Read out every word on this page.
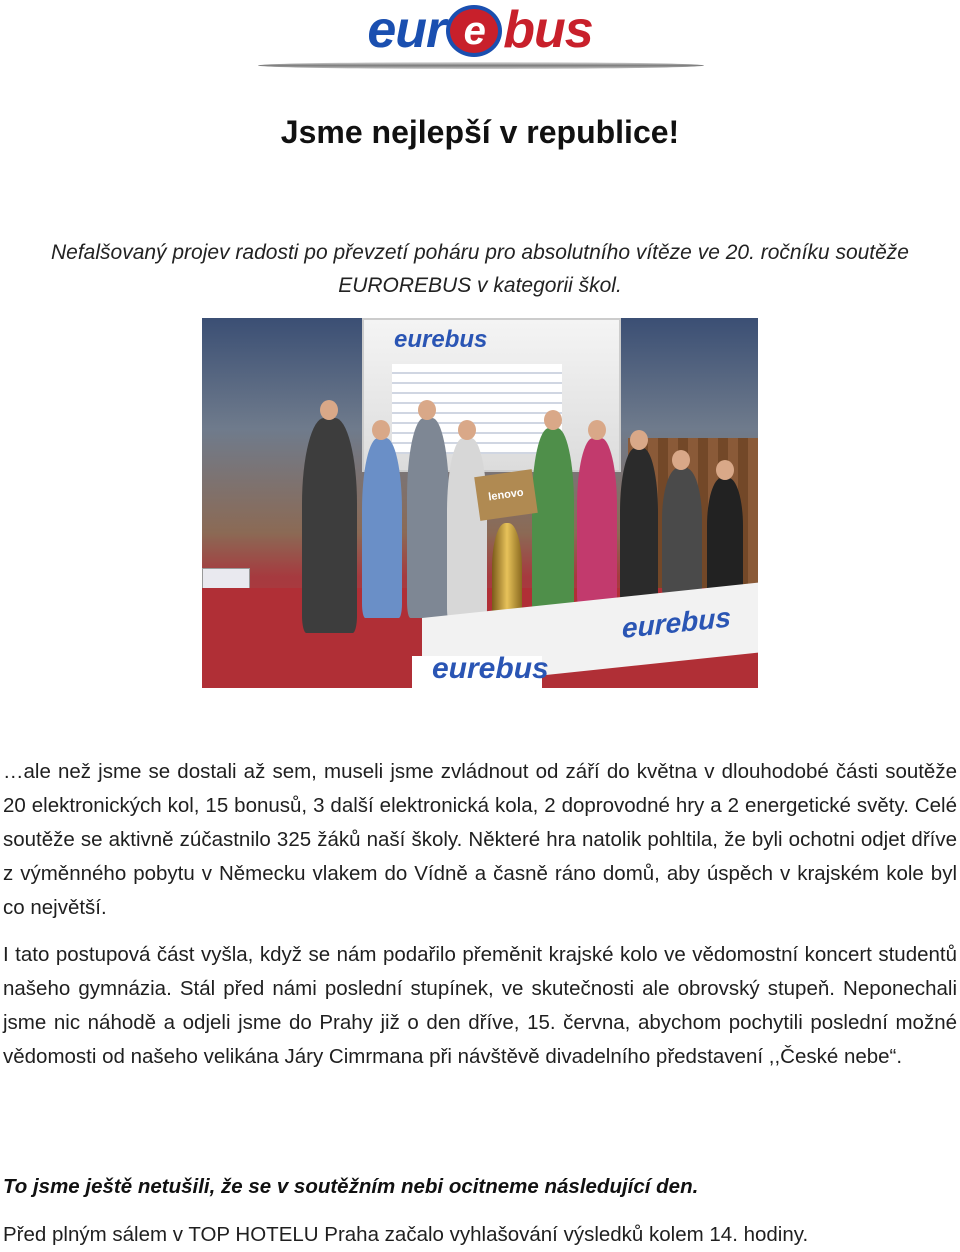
eur e bus
Jsme nejlepší v republice!
Nefalšovaný projev radosti po převzetí poháru pro absolutního vítěze ve 20. ročníku soutěže EUROREBUS v kategorii škol.
eurebus
lenovo
eurebus
eurebus

…ale než jsme se dostali až sem, museli jsme zvládnout od září do května v dlouhodobé části soutěže 20 elektronických kol, 15 bonusů, 3 další elektronická kola, 2 doprovodné hry a 2 energetické světy. Celé soutěže se aktivně zúčastnilo 325 žáků naší školy. Některé hra natolik pohltila, že byli ochotni odjet dříve z výměnného pobytu v Německu vlakem do Vídně a časně ráno domů, aby úspěch v krajském kole byl co největší.

I tato postupová část vyšla, když se nám podařilo přeměnit krajské kolo ve vědomostní koncert studentů našeho gymnázia. Stál před námi poslední stupínek, ve skutečnosti ale obrovský stupeň. Neponechali jsme nic náhodě a odjeli jsme do Prahy již o den dříve, 15. června, abychom pochytili poslední možné vědomosti od našeho velikána Járy Cimrmana při návštěvě divadelního představení ,,České nebe“.

To jsme ještě netušili, že se v soutěžním nebi ocitneme následující den.
Před plným sálem v TOP HOTELU Praha začalo vyhlašování výsledků kolem 14. hodiny.
